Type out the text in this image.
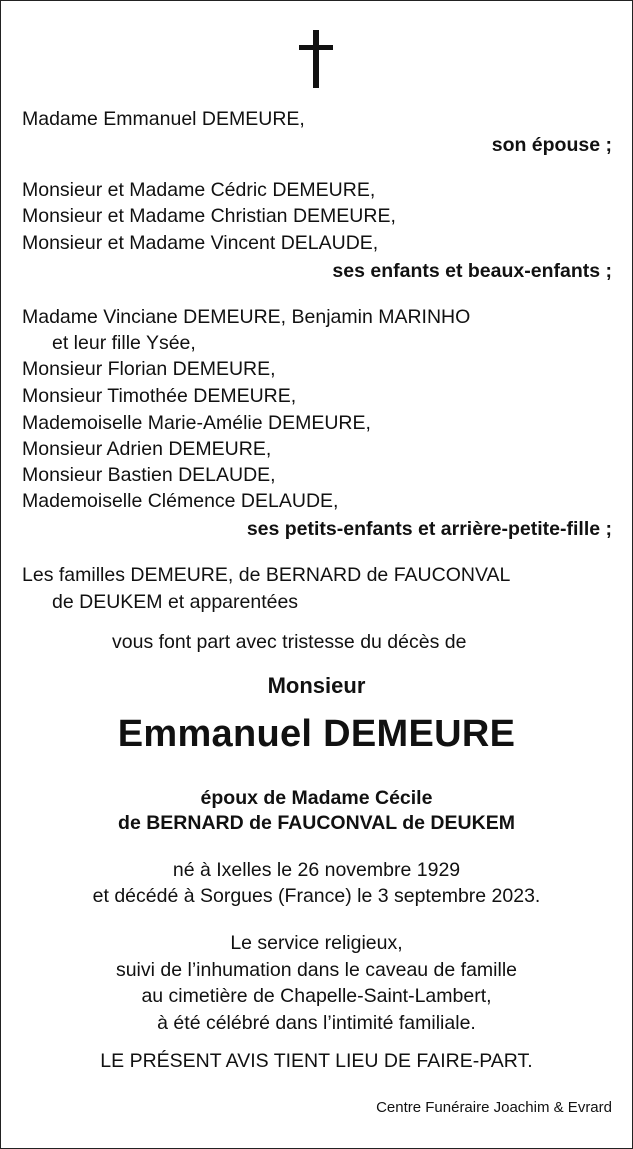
Madame Emmanuel DEMEURE,
son épouse ;
Monsieur et Madame Cédric DEMEURE,
Monsieur et Madame Christian DEMEURE,
Monsieur et Madame Vincent DELAUDE,
ses enfants et beaux-enfants ;
Madame Vinciane DEMEURE, Benjamin MARINHO
et leur fille Ysée,
Monsieur Florian DEMEURE,
Monsieur Timothée DEMEURE,
Mademoiselle Marie-Amélie DEMEURE,
Monsieur Adrien DEMEURE,
Monsieur Bastien DELAUDE,
Mademoiselle Clémence DELAUDE,
ses petits-enfants et arrière-petite-fille ;
Les familles DEMEURE, de BERNARD de FAUCONVAL
de DEUKEM et apparentées
vous font part avec tristesse du décès de
Monsieur
Emmanuel DEMEURE
époux de Madame Cécile
de BERNARD de FAUCONVAL de DEUKEM
né à Ixelles le 26 novembre 1929
et décédé à Sorgues (France) le 3 septembre 2023.
Le service religieux,
suivi de l’inhumation dans le caveau de famille
au cimetière de Chapelle-Saint-Lambert,
à été célébré dans l’intimité familiale.
LE PRÉSENT AVIS TIENT LIEU DE FAIRE-PART.
Centre Funéraire Joachim & Evrard
